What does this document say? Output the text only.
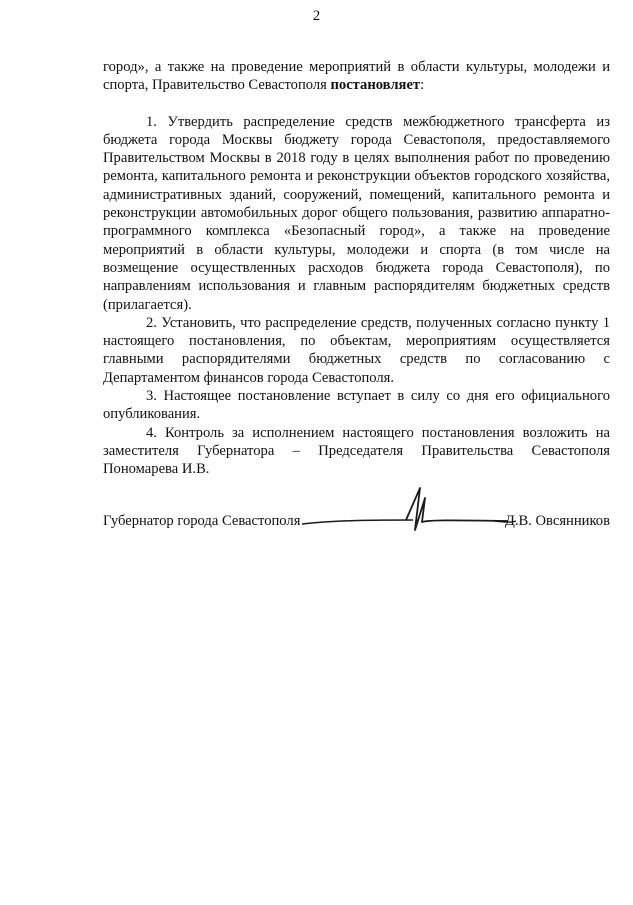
2

город», а также на проведение мероприятий в области культуры, молодежи и спорта, Правительство Севастополя постановляет:

1. Утвердить распределение средств межбюджетного трансферта из бюджета города Москвы бюджету города Севастополя, предоставляемого Правительством Москвы в 2018 году в целях выполнения работ по проведению ремонта, капитального ремонта и реконструкции объектов городского хозяйства, административных зданий, сооружений, помещений, капитального ремонта и реконструкции автомобильных дорог общего пользования, развитию аппаратно-программного комплекса «Безопасный город», а также на проведение мероприятий в области культуры, молодежи и спорта (в том числе на возмещение осуществленных расходов бюджета города Севастополя), по направлениям использования и главным распорядителям бюджетных средств (прилагается).

2. Установить, что распределение средств, полученных согласно пункту 1 настоящего постановления, по объектам, мероприятиям осуществляется главными распорядителями бюджетных средств по согласованию с Департаментом финансов города Севастополя.

3. Настоящее постановление вступает в силу со дня его официального опубликования.

4. Контроль за исполнением настоящего постановления возложить на заместителя Губернатора – Председателя Правительства Севастополя Пономарева И.В.

Губернатор города Севастополя	Д.В. Овсянников
